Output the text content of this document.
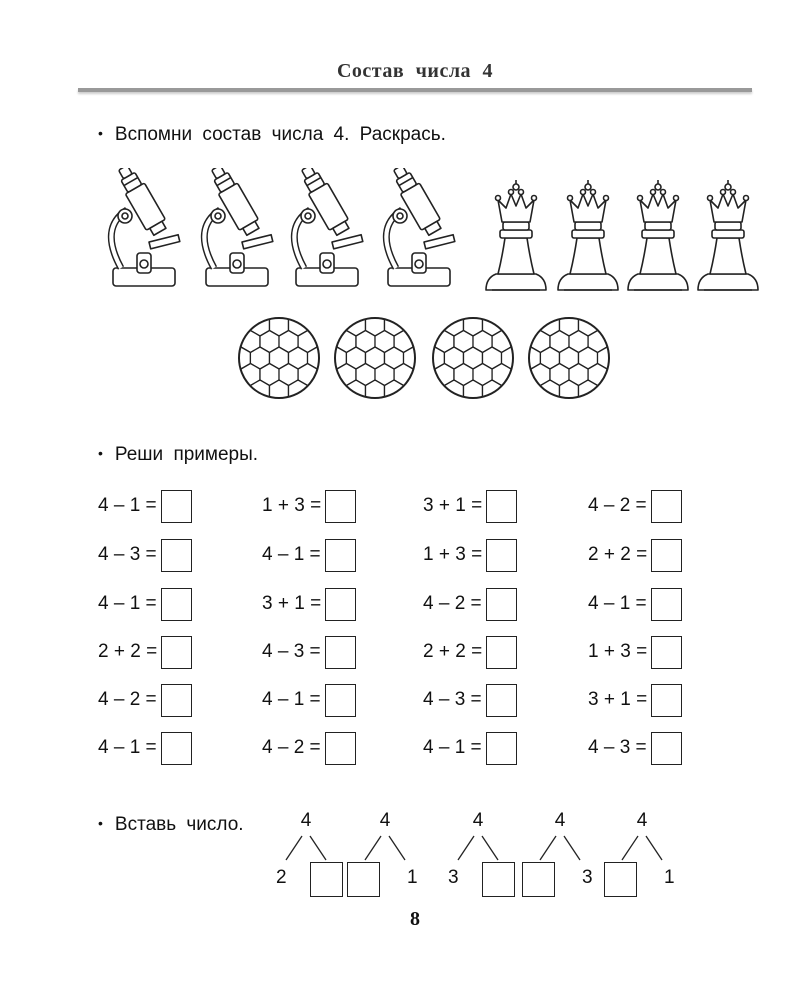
Состав числа 4
• Вспомни состав числа 4. Раскрась.
• Реши примеры.
4 – 1 =	1 + 3 =	3 + 1 =	4 – 2 =
4 – 3 =	4 – 1 =	1 + 3 =	2 + 2 =
4 – 1 =	3 + 1 =	4 – 2 =	4 – 1 =
2 + 2 =	4 – 3 =	2 + 2 =	1 + 3 =
4 – 2 =	4 – 1 =	4 – 3 =	3 + 1 =
4 – 1 =	4 – 2 =	4 – 1 =	4 – 3 =
• Вставь число.	4
2
4
1
4
3
4
3
4
1
8
